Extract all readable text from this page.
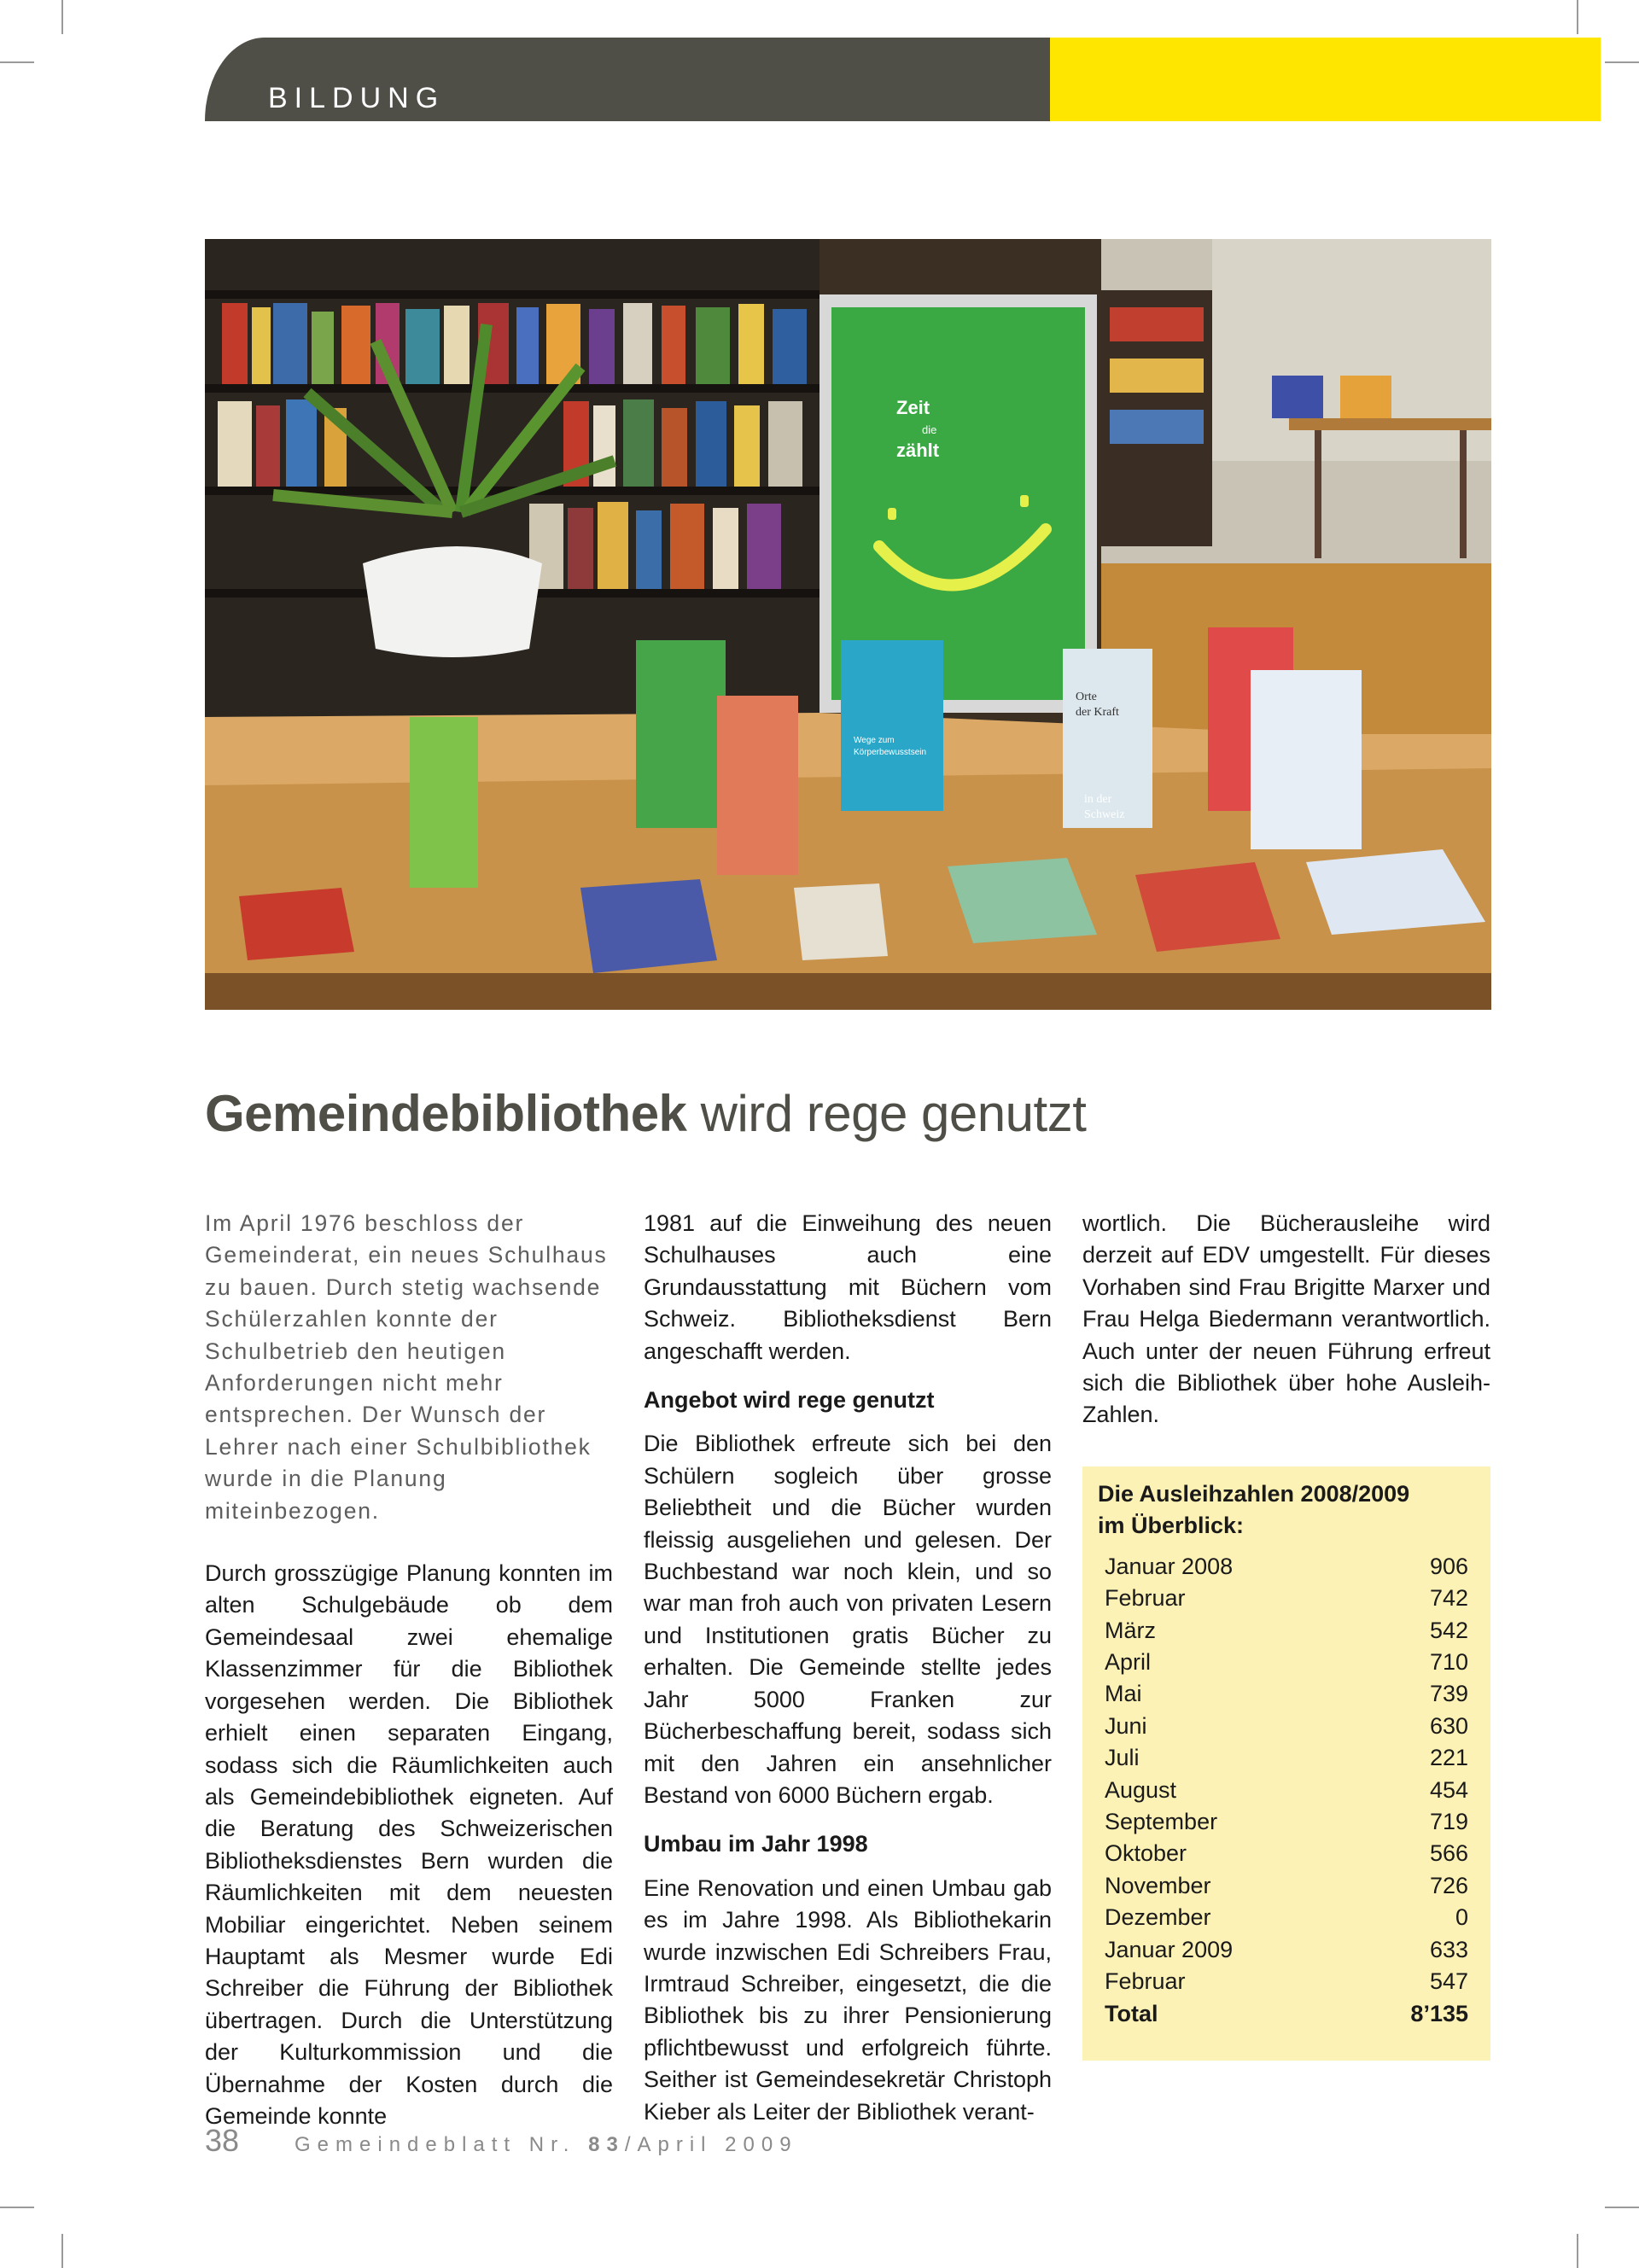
BILDUNG
Zeit
die
zählt
Wege zum
Körperbewusstsein
Orte
der Kraft
in der
Schweiz
Gemeindebibliothek wird rege genutzt

Im April 1976 beschloss der Gemeinderat, ein neues Schulhaus zu bauen. Durch stetig wachsende Schülerzahlen konnte der Schulbetrieb den heutigen Anforderungen nicht mehr entsprechen. Der Wunsch der Lehrer nach einer Schulbibliothek wurde in die Planung miteinbezogen.

Durch grosszügige Planung konnten im alten Schulgebäude ob dem Gemeindesaal zwei ehemalige Klassenzimmer für die Bibliothek vorgesehen werden. Die Bibliothek erhielt einen separaten Eingang, sodass sich die Räumlichkeiten auch als Gemeindebibliothek eigneten. Auf die Beratung des Schweizerischen Bibliotheksdienstes Bern wurden die Räumlichkeiten mit dem neuesten Mobiliar eingerichtet. Neben seinem Hauptamt als Mesmer wurde Edi Schreiber die Führung der Bibliothek übertragen. Durch die Unterstützung der Kulturkommission und die Übernahme der Kosten durch die Gemeinde konnte

1981 auf die Einweihung des neuen Schulhauses auch eine Grundausstattung mit Büchern vom Schweiz. Bibliotheksdienst Bern angeschafft werden.

Angebot wird rege genutzt

Die Bibliothek erfreute sich bei den Schülern sogleich über grosse Beliebtheit und die Bücher wurden fleissig ausgeliehen und gelesen. Der Buchbestand war noch klein, und so war man froh auch von privaten Lesern und Institutionen gratis Bücher zu erhalten. Die Gemeinde stellte jedes Jahr 5000 Franken zur Bücherbeschaffung bereit, sodass sich mit den Jahren ein ansehnlicher Bestand von 6000 Büchern ergab.

Umbau im Jahr 1998

Eine Renovation und einen Umbau gab es im Jahre 1998. Als Bibliothekarin wurde inzwischen Edi Schreibers Frau, Irmtraud Schreiber, eingesetzt, die die Bibliothek bis zu ihrer Pensionierung pflichtbewusst und erfolgreich führte. Seither ist Gemeindesekretär Christoph Kieber als Leiter der Bibliothek verant-

wortlich. Die Bücherausleihe wird derzeit auf EDV umgestellt. Für dieses Vorhaben sind Frau Brigitte Marxer und Frau Helga Biedermann verantwortlich. Auch unter der neuen Führung erfreut sich die Bibliothek über hohe Ausleih-Zahlen.

Die Ausleihzahlen 2008/2009
im Überblick:
Januar 2008	906
Februar	742
März	542
April	710
Mai	739
Juni	630
Juli	221
August	454
September	719
Oktober	566
November	726
Dezember	0
Januar 2009	633
Februar	547
Total	8’135
38	Gemeindeblatt Nr. 83/April 2009
